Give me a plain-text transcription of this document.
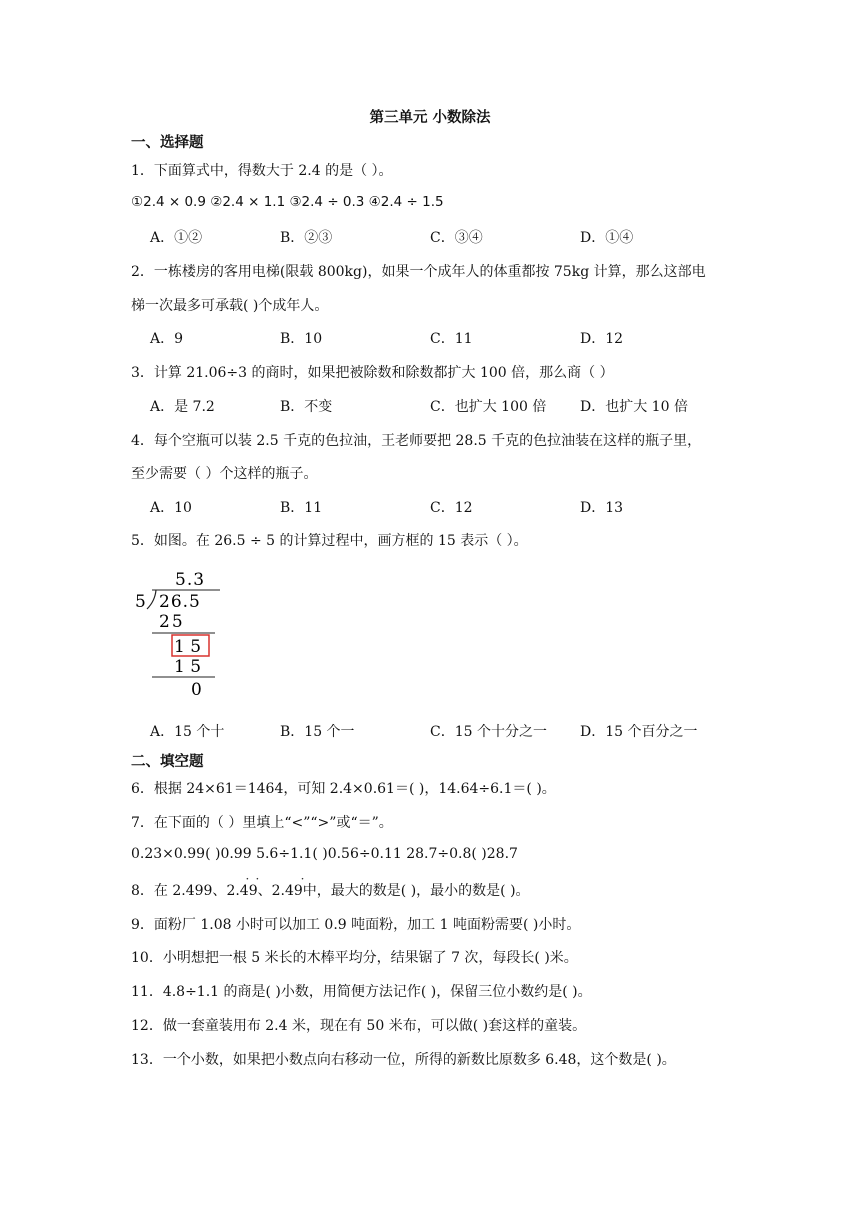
第三单元 小数除法
一、选择题
1．下面算式中，得数大于 2.4 的是（ ）。
①2.4 × 0.9 ②2.4 × 1.1 ③2.4 ÷ 0.3 ④2.4 ÷ 1.5
A．①②	B．②③	C．③④	D．①④
2．一栋楼房的客用电梯(限载 800kg)，如果一个成年人的体重都按 75kg 计算，那么这部电
梯一次最多可承载( )个成年人。
A．9	B．10	C．11	D．12
3．计算 21.06÷3 的商时，如果把被除数和除数都扩大 100 倍，那么商（ ）
A．是 7.2	B．不变	C．也扩大 100 倍 D．也扩大 10 倍
4．每个空瓶可以装 2.5 千克的色拉油，王老师要把 28.5 千克的色拉油装在这样的瓶子里，
至少需要（ ）个这样的瓶子。
A．10	B．11	C．12	D．13
5．如图。在 26.5 ÷ 5 的计算过程中，画方框的 15 表示（ ）。
5.3
5 26.5
25
1 5
1 5
0
A．15 个十	B．15 个一	C．15 个十分之一 D．15 个百分之一
二、填空题
6．根据 24×61＝1464，可知 2.4×0.61＝( )，14.64÷6.1＝( )。
7．在下面的（ ）里填上“<”“>”或“＝”。
0.23×0.99( )0.99 5.6÷1.1( )0.56÷0.11 28.7÷0.8( )28.7
8．在 2.499、2.49
· ·
、2.49
·
中，最大的数是( )，最小的数是( )。
9．面粉厂 1.08 小时可以加工 0.9 吨面粉，加工 1 吨面粉需要( )小时。
10．小明想把一根 5 米长的木棒平均分，结果锯了 7 次，每段长( )米。
11．4.8÷1.1 的商是( )小数，用简便方法记作( )，保留三位小数约是( )。
12．做一套童装用布 2.4 米，现在有 50 米布，可以做( )套这样的童装。
13．一个小数，如果把小数点向右移动一位，所得的新数比原数多 6.48，这个数是( )。
